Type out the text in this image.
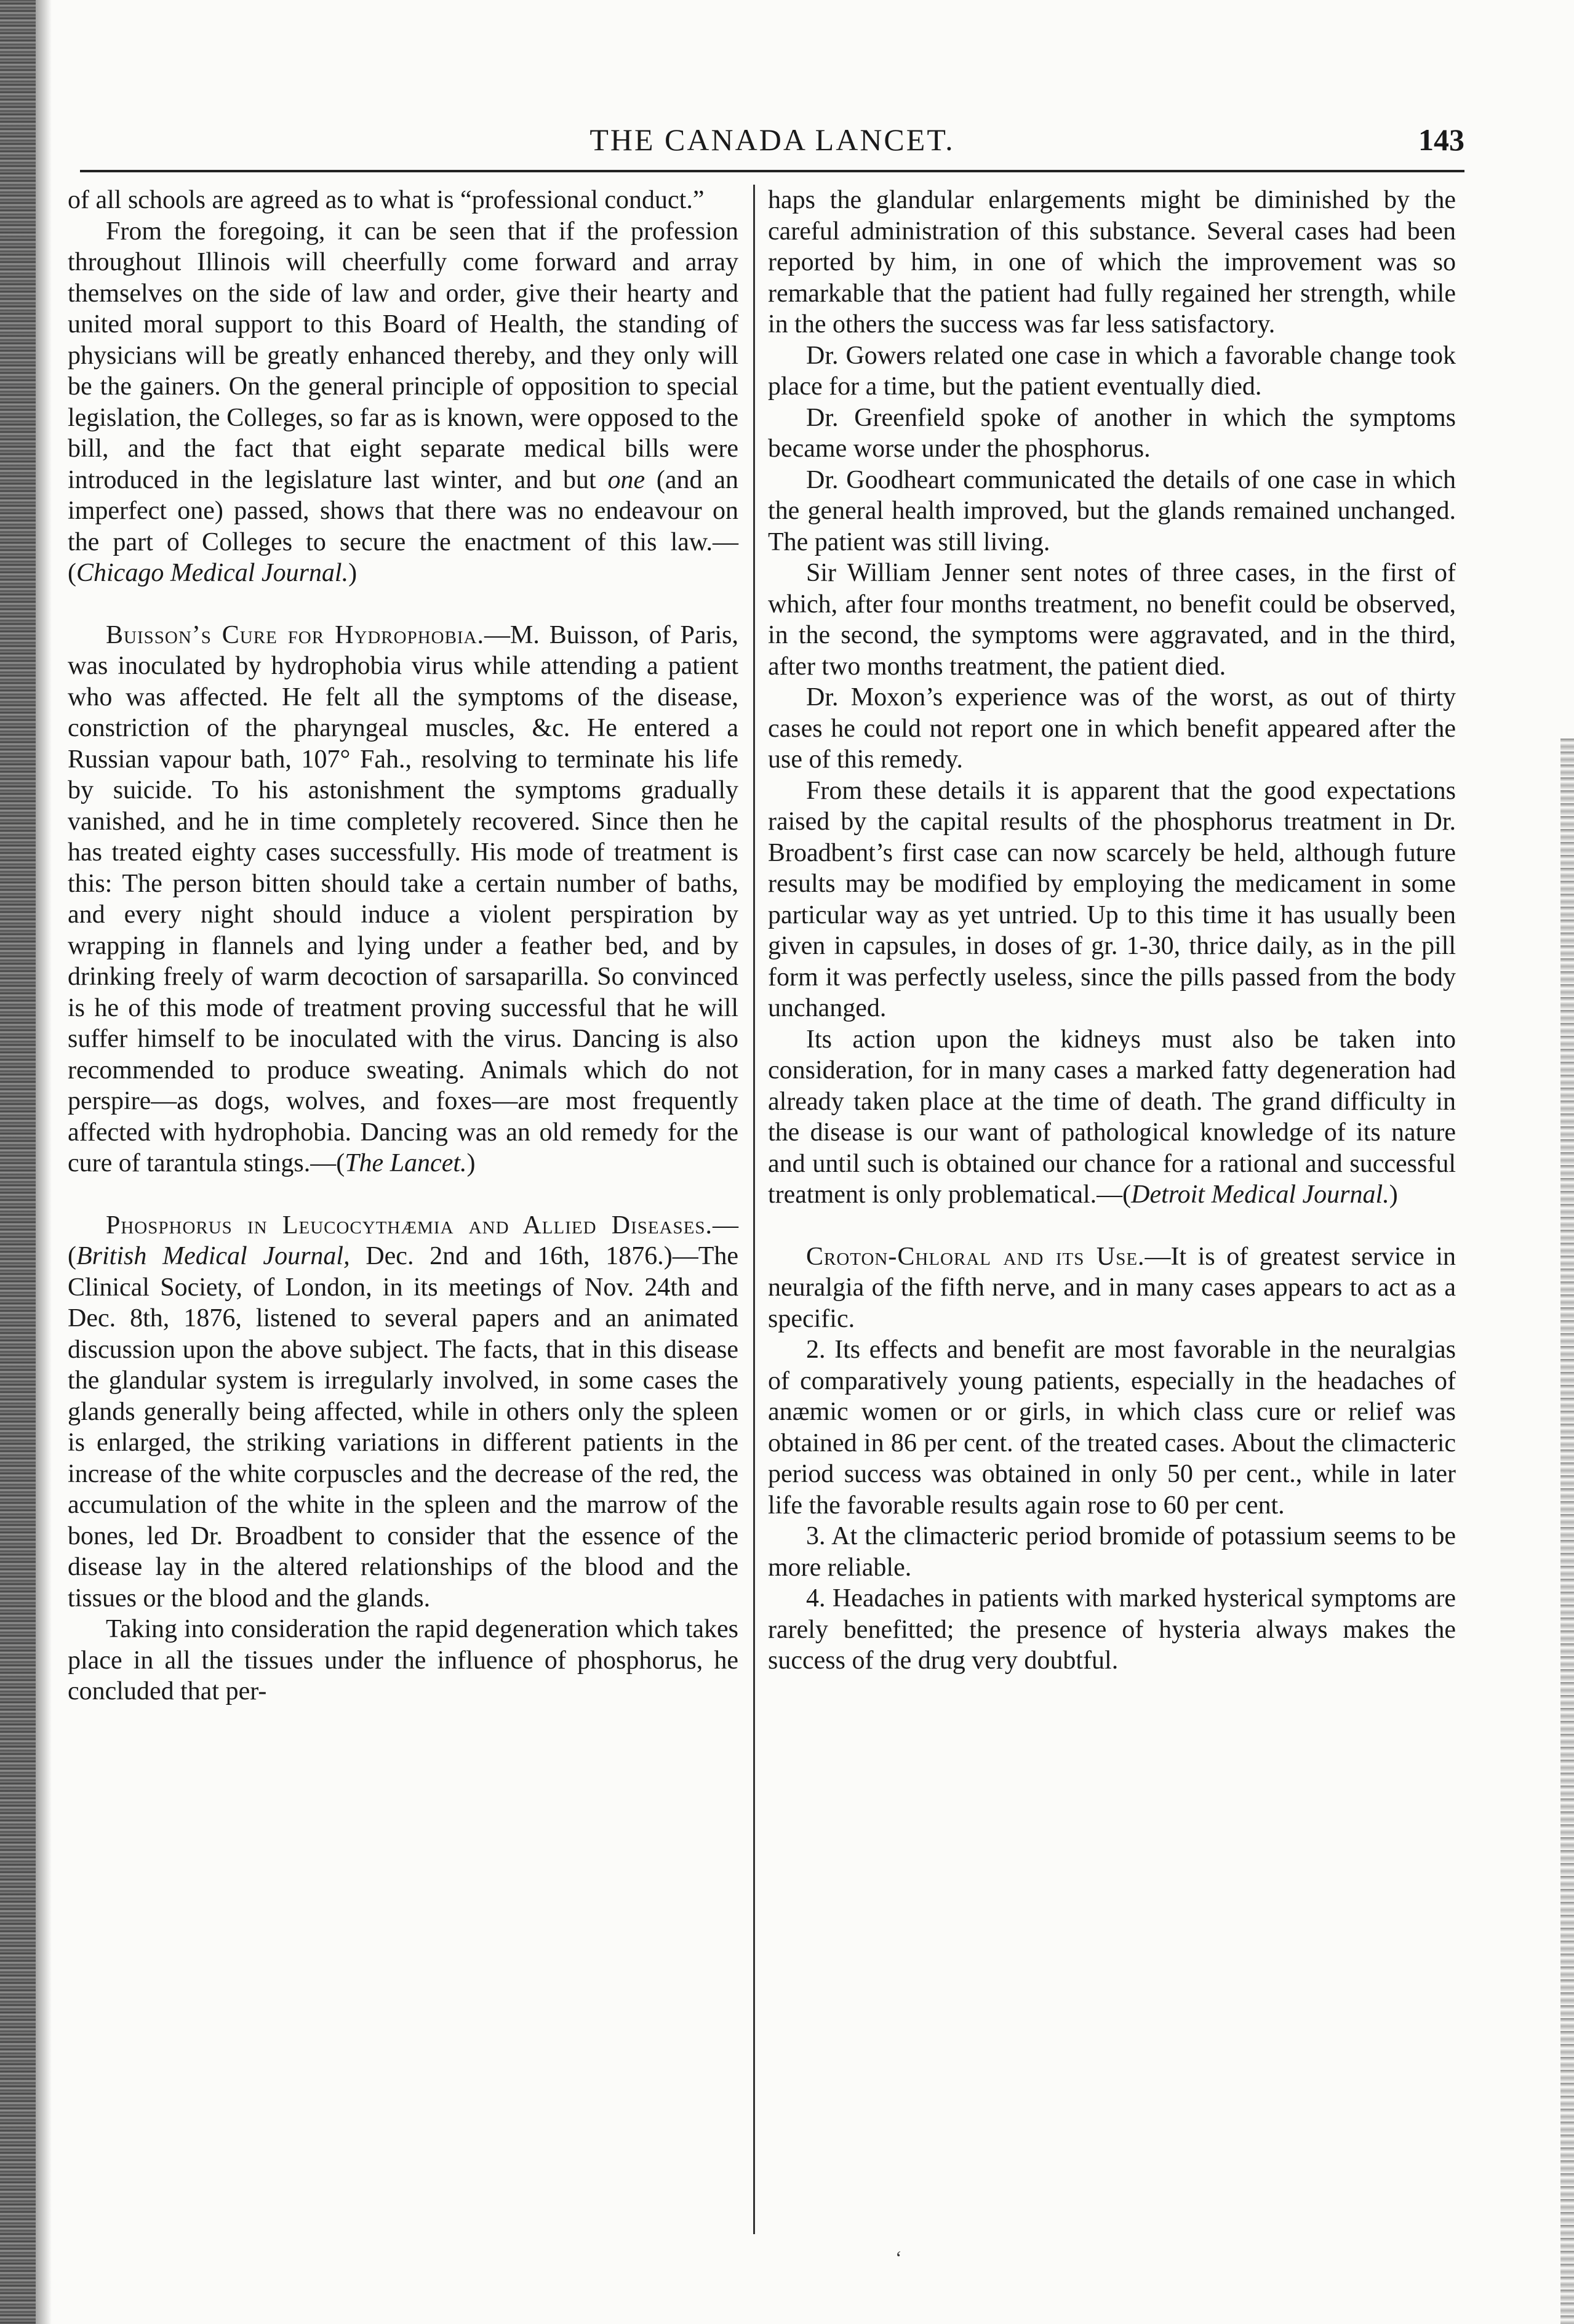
THE CANADA LANCET.	143

of all schools are agreed as to what is “professional conduct.”

From the foregoing, it can be seen that if the profession throughout Illinois will cheerfully come forward and array themselves on the side of law and order, give their hearty and united moral support to this Board of Health, the standing of physicians will be greatly enhanced thereby, and they only will be the gainers. On the general principle of opposition to special legislation, the Colleges, so far as is known, were opposed to the bill, and the fact that eight separate medical bills were introduced in the legislature last winter, and but one (and an imperfect one) passed, shows that there was no endeavour on the part of Colleges to secure the enactment of this law.—(Chicago Medical Journal.)

Buisson’s Cure for Hydrophobia.—M. Buisson, of Paris, was inoculated by hydrophobia virus while attending a patient who was affected. He felt all the symptoms of the disease, constriction of the pharyngeal muscles, &c. He entered a Russian vapour bath, 107° Fah., resolving to terminate his life by suicide. To his astonishment the symptoms gradually vanished, and he in time completely recovered. Since then he has treated eighty cases successfully. His mode of treatment is this: The person bitten should take a certain number of baths, and every night should induce a violent perspiration by wrapping in flannels and lying under a feather bed, and by drinking freely of warm decoction of sarsaparilla. So convinced is he of this mode of treatment proving successful that he will suffer himself to be inoculated with the virus. Dancing is also recommended to produce sweating. Animals which do not perspire—as dogs, wolves, and foxes—are most frequently affected with hydrophobia. Dancing was an old remedy for the cure of tarantula stings.—(The Lancet.)

Phosphorus in Leucocythæmia and Allied Diseases.—(British Medical Journal, Dec. 2nd and 16th, 1876.)—The Clinical Society, of London, in its meetings of Nov. 24th and Dec. 8th, 1876, listened to several papers and an animated discussion upon the above subject. The facts, that in this disease the glandular system is irregularly involved, in some cases the glands generally being affected, while in others only the spleen is enlarged, the striking variations in different patients in the increase of the white corpuscles and the decrease of the red, the accumulation of the white in the spleen and the marrow of the bones, led Dr. Broadbent to consider that the essence of the disease lay in the altered relationships of the blood and the tissues or the blood and the glands.

Taking into consideration the rapid degeneration which takes place in all the tissues under the influence of phosphorus, he concluded that per-

haps the glandular enlargements might be diminished by the careful administration of this substance. Several cases had been reported by him, in one of which the improvement was so remarkable that the patient had fully regained her strength, while in the others the success was far less satisfactory.

Dr. Gowers related one case in which a favorable change took place for a time, but the patient eventually died.

Dr. Greenfield spoke of another in which the symptoms became worse under the phosphorus.

Dr. Goodheart communicated the details of one case in which the general health improved, but the glands remained unchanged. The patient was still living.

Sir William Jenner sent notes of three cases, in the first of which, after four months treatment, no benefit could be observed, in the second, the symptoms were aggravated, and in the third, after two months treatment, the patient died.

Dr. Moxon’s experience was of the worst, as out of thirty cases he could not report one in which benefit appeared after the use of this remedy.

From these details it is apparent that the good expectations raised by the capital results of the phosphorus treatment in Dr. Broadbent’s first case can now scarcely be held, although future results may be modified by employing the medicament in some particular way as yet untried. Up to this time it has usually been given in capsules, in doses of gr. 1-30, thrice daily, as in the pill form it was perfectly useless, since the pills passed from the body unchanged.

Its action upon the kidneys must also be taken into consideration, for in many cases a marked fatty degeneration had already taken place at the time of death. The grand difficulty in the disease is our want of pathological knowledge of its nature and until such is obtained our chance for a rational and successful treatment is only problematical.—(Detroit Medical Journal.)

Croton-Chloral and its Use.—It is of greatest service in neuralgia of the fifth nerve, and in many cases appears to act as a specific.

2. Its effects and benefit are most favorable in the neuralgias of comparatively young patients, especially in the headaches of anæmic women or or girls, in which class cure or relief was obtained in 86 per cent. of the treated cases. About the climacteric period success was obtained in only 50 per cent., while in later life the favorable results again rose to 60 per cent.

3. At the climacteric period bromide of potassium seems to be more reliable.

4. Headaches in patients with marked hysterical symptoms are rarely benefitted; the presence of hysteria always makes the success of the drug very doubtful.

‘
